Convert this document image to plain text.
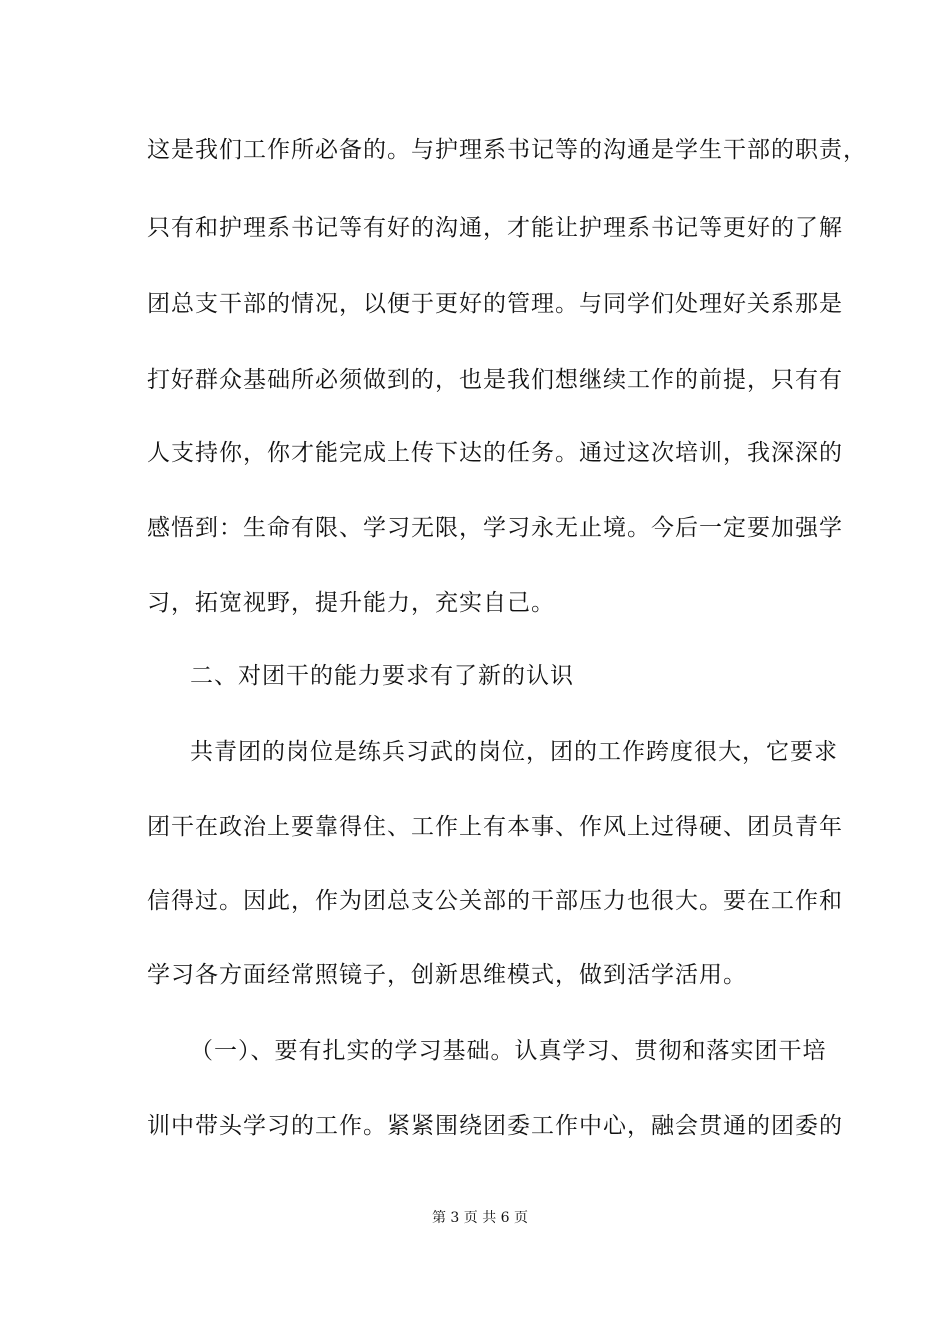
这是我们工作所必备的。与护理系书记等的沟通是学生干部的职责，
只有和护理系书记等有好的沟通，才能让护理系书记等更好的了解
团总支干部的情况，以便于更好的管理。与同学们处理好关系那是
打好群众基础所必须做到的，也是我们想继续工作的前提，只有有
人支持你，你才能完成上传下达的任务。通过这次培训，我深深的
感悟到：生命有限、学习无限，学习永无止境。今后一定要加强学
习，拓宽视野，提升能力，充实自己。
二、对团干的能力要求有了新的认识
共青团的岗位是练兵习武的岗位，团的工作跨度很大，它要求
团干在政治上要靠得住、工作上有本事、作风上过得硬、团员青年
信得过。因此，作为团总支公关部的干部压力也很大。要在工作和
学习各方面经常照镜子，创新思维模式，做到活学活用。
（一）、要有扎实的学习基础。认真学习、贯彻和落实团干培
训中带头学习的工作。紧紧围绕团委工作中心，融会贯通的团委的
第 3 页 共 6 页
